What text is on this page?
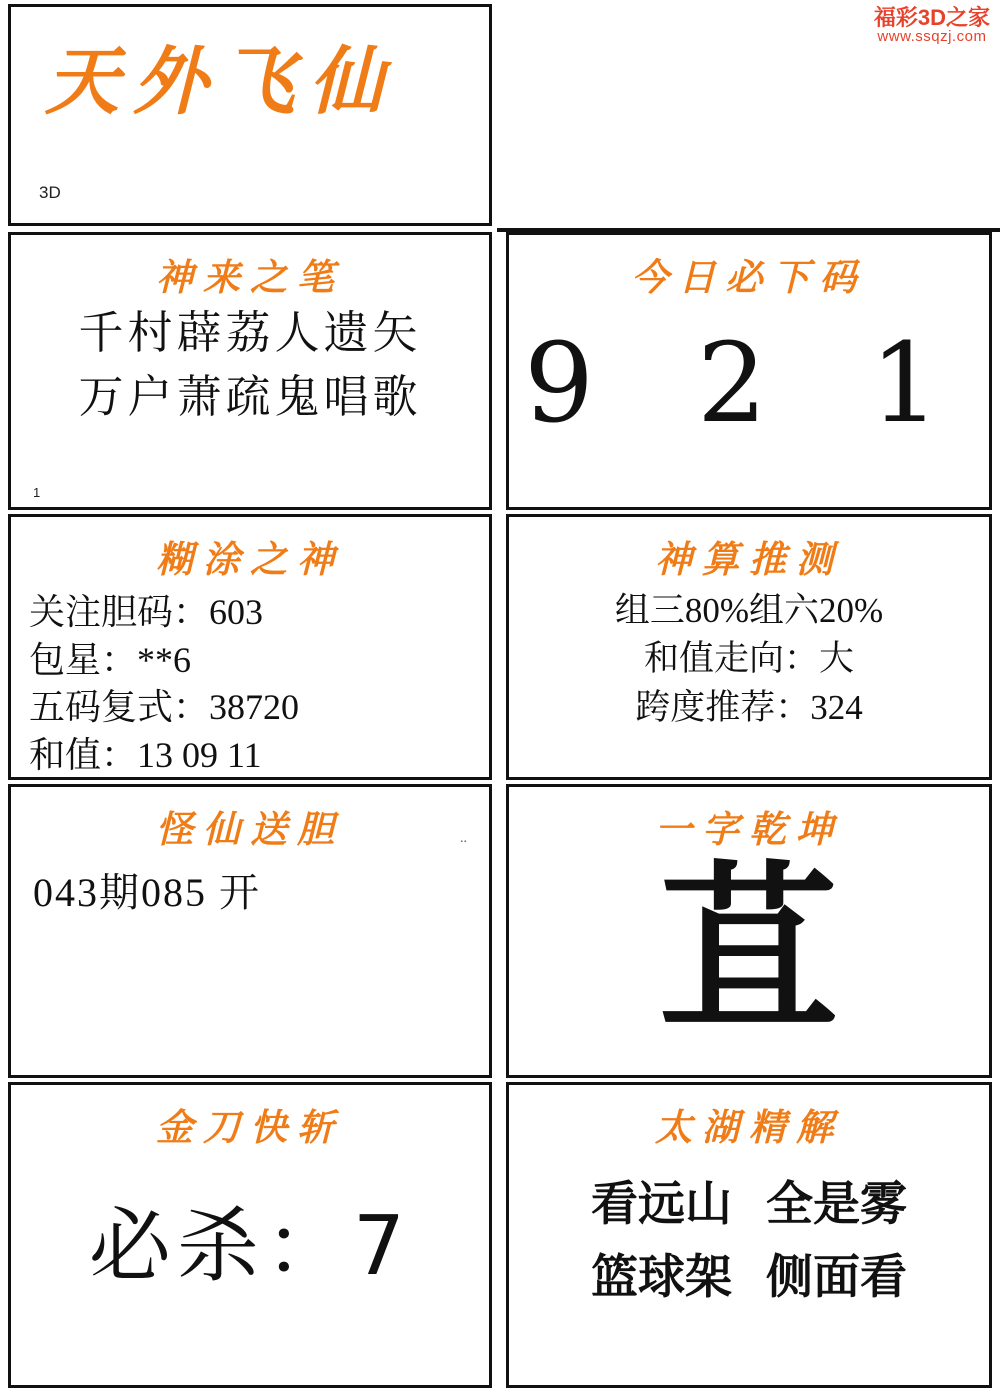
福彩3D之家
www.ssqzj.com
天外飞仙
3D
神来之笔
千村薜荔人遗矢
万户萧疏鬼唱歌
1
今日必下码
9 2 1
糊涂之神
关注胆码：603
包星：**6
五码复式：38720
和值：13 09 11
神算推测
组三80%组六20%
和值走向：大
跨度推荐：324
怪仙送胆	..
043期085 开
一字乾坤
苴
金刀快斩
必杀：7
太湖精解
看远山 全是雾
篮球架 侧面看
